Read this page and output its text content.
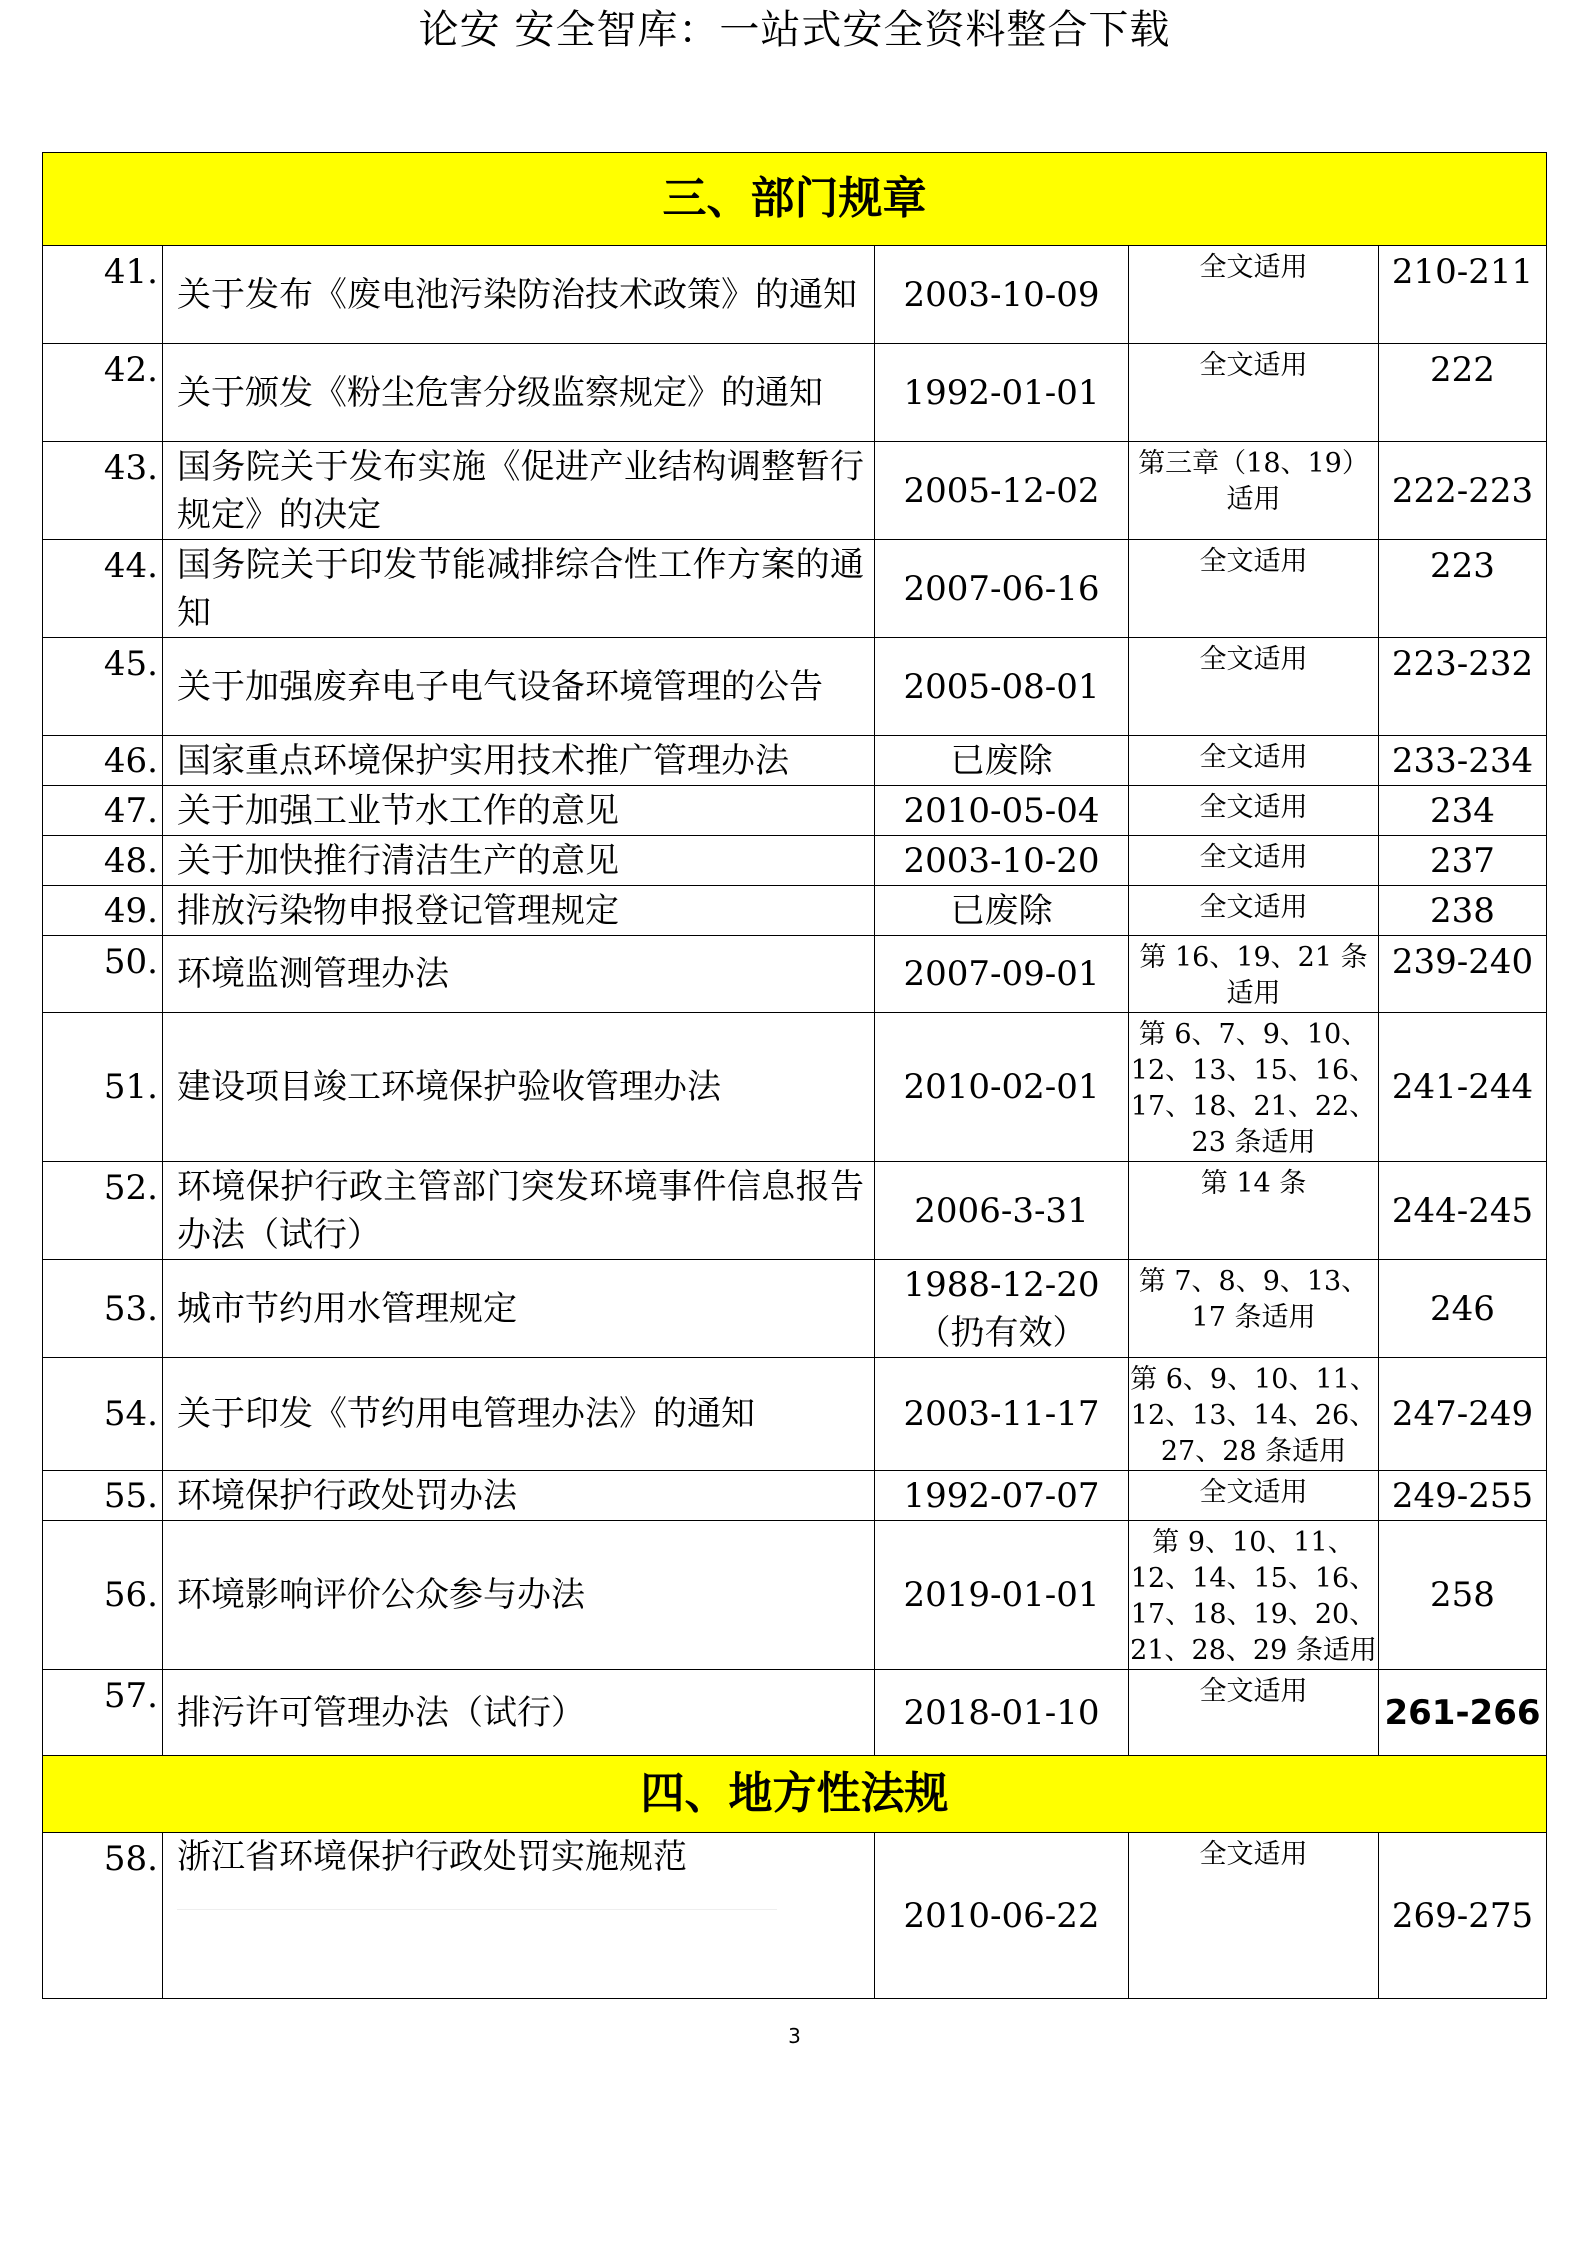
论安 安全智库：一站式安全资料整合下载
三、部门规章				
41.	关于发布《废电池污染防治技术政策》的通知	2003-10-09	全文适用	210-211
42.	关于颁发《粉尘危害分级监察规定》的通知	1992-01-01	全文适用	222
43.	国务院关于发布实施《促进产业结构调整暂行规定》的决定	2005-12-02	第三章（18、19）适用	222-223
44.	国务院关于印发节能减排综合性工作方案的通知	2007-06-16	全文适用	223
45.	关于加强废弃电子电气设备环境管理的公告	2005-08-01	全文适用	223-232
46.	国家重点环境保护实用技术推广管理办法	已废除	全文适用	233-234
47.	关于加强工业节水工作的意见	2010-05-04	全文适用	234
48.	关于加快推行清洁生产的意见	2003-10-20	全文适用	237
49.	排放污染物申报登记管理规定	已废除	全文适用	238
50.	环境监测管理办法	2007-09-01	第 16、19、21 条适用	239-240
51.	建设项目竣工环境保护验收管理办法	2010-02-01	第 6、7、9、10、12、13、15、16、17、18、21、22、23 条适用	241-244
52.	环境保护行政主管部门突发环境事件信息报告办法（试行）	2006-3-31	第 14 条	244-245
53.	城市节约用水管理规定	1988-12-20（扔有效）	第 7、8、9、13、17 条适用	246
54.	关于印发《节约用电管理办法》的通知	2003-11-17	第 6、9、10、11、12、13、14、26、27、28 条适用	247-249
55.	环境保护行政处罚办法	1992-07-07	全文适用	249-255
56.	环境影响评价公众参与办法	2019-01-01	第 9、10、11、12、14、15、16、17、18、19、20、21、28、29 条适用	258
57.	排污许可管理办法（试行）	2018-01-10	全文适用	261-266
四、地方性法规				
58.	浙江省环境保护行政处罚实施规范	2010-06-22	全文适用	269-275
3
